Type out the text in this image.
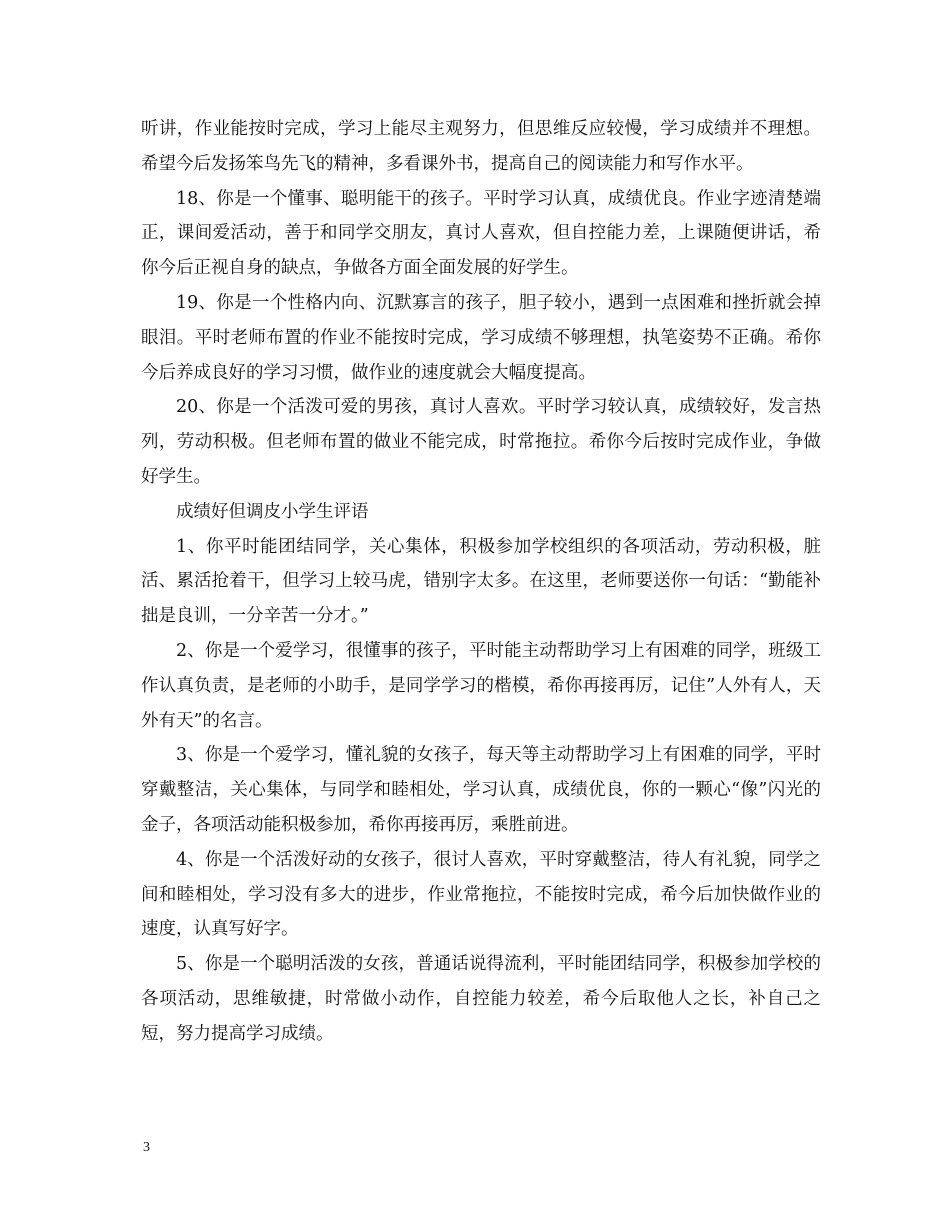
听讲，作业能按时完成，学习上能尽主观努力，但思维反应较慢，学习成绩并不理想。希望今后发扬笨鸟先飞的精神，多看课外书，提高自己的阅读能力和写作水平。

18、你是一个懂事、聪明能干的孩子。平时学习认真，成绩优良。作业字迹清楚端正，课间爱活动，善于和同学交朋友，真讨人喜欢，但自控能力差，上课随便讲话，希你今后正视自身的缺点，争做各方面全面发展的好学生。

19、你是一个性格内向、沉默寡言的孩子，胆子较小，遇到一点困难和挫折就会掉眼泪。平时老师布置的作业不能按时完成，学习成绩不够理想，执笔姿势不正确。希你今后养成良好的学习习惯，做作业的速度就会大幅度提高。

20、你是一个活泼可爱的男孩，真讨人喜欢。平时学习较认真，成绩较好，发言热列，劳动积极。但老师布置的做业不能完成，时常拖拉。希你今后按时完成作业，争做好学生。

成绩好但调皮小学生评语

1、你平时能团结同学，关心集体，积极参加学校组织的各项活动，劳动积极，脏活、累活抢着干，但学习上较马虎，错别字太多。在这里，老师要送你一句话：“勤能补拙是良训，一分辛苦一分才。”

2、你是一个爱学习，很懂事的孩子，平时能主动帮助学习上有困难的同学，班级工作认真负责，是老师的小助手，是同学学习的楷模，希你再接再厉，记住”人外有人，天外有天”的名言。

3、你是一个爱学习，懂礼貌的女孩子，每天等主动帮助学习上有困难的同学，平时穿戴整洁，关心集体，与同学和睦相处，学习认真，成绩优良，你的一颗心“像”闪光的金子，各项活动能积极参加，希你再接再厉，乘胜前进。

4、你是一个活泼好动的女孩子，很讨人喜欢，平时穿戴整洁，待人有礼貌，同学之间和睦相处，学习没有多大的进步，作业常拖拉，不能按时完成，希今后加快做作业的速度，认真写好字。

5、你是一个聪明活泼的女孩，普通话说得流利，平时能团结同学，积极参加学校的各项活动，思维敏捷，时常做小动作，自控能力较差，希今后取他人之长，补自己之短，努力提高学习成绩。

3
